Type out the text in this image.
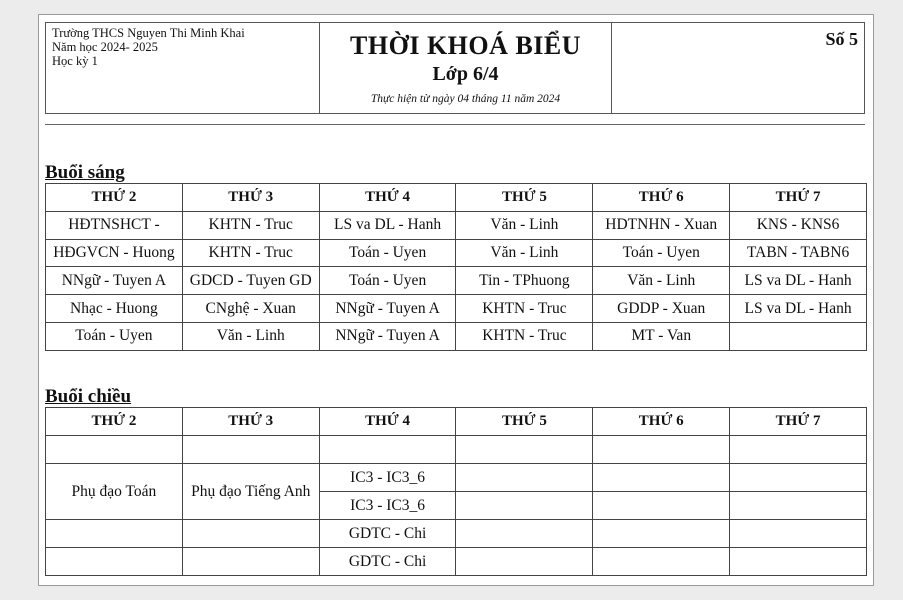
Trường THCS Nguyen Thi Minh Khai
Năm học 2024- 2025
Học kỳ 1
THỜI KHOÁ BIỂU
Lớp 6/4
Thực hiện từ ngày 04 tháng 11 năm 2024
Số 5
Buổi sáng
THỨ 2	THỨ 3	THỨ 4	THỨ 5	THỨ 6	THỨ 7
HĐTNSHCT -	KHTN - Truc	LS va DL - Hanh	Văn - Linh	HDTNHN - Xuan	KNS - KNS6
HĐGVCN - Huong	KHTN - Truc	Toán - Uyen	Văn - Linh	Toán - Uyen	TABN - TABN6
NNgữ - Tuyen A	GDCD - Tuyen GD	Toán - Uyen	Tin - TPhuong	Văn - Linh	LS va DL - Hanh
Nhạc - Huong	CNghệ - Xuan	NNgữ - Tuyen A	KHTN - Truc	GDDP - Xuan	LS va DL - Hanh
Toán - Uyen	Văn - Linh	NNgữ - Tuyen A	KHTN - Truc	MT - Van	
Buổi chiều
THỨ 2	THỨ 3	THỨ 4	THỨ 5	THỨ 6	THỨ 7

Phụ đạo Toán	Phụ đạo Tiếng Anh	IC3 - IC3_6			
		IC3 - IC3_6			
		GDTC - Chi			
		GDTC - Chi			
